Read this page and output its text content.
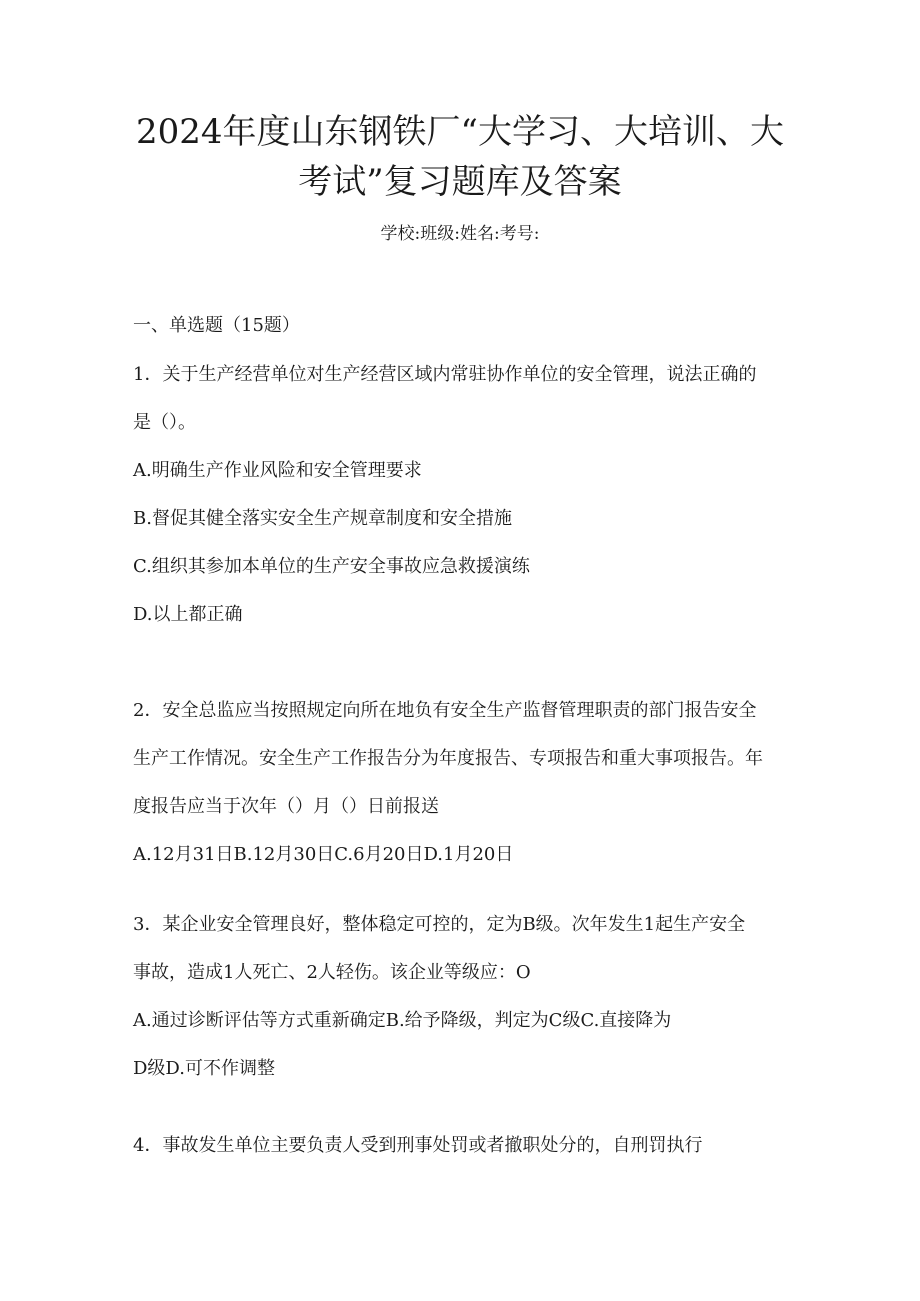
2024年度山东钢铁厂“大学习、大培训、大
考试”复习题库及答案
学校:班级:姓名:考号:
一、单选题（15题）
1．关于生产经营单位对生产经营区域内常驻协作单位的安全管理，说法正确的
是（）。
A.明确生产作业风险和安全管理要求
B.督促其健全落实安全生产规章制度和安全措施
C.组织其参加本单位的生产安全事故应急救援演练
D.以上都正确
2．安全总监应当按照规定向所在地负有安全生产监督管理职责的部门报告安全
生产工作情况。安全生产工作报告分为年度报告、专项报告和重大事项报告。年
度报告应当于次年（）月（）日前报送
A.12月31日B.12月30日C.6月20日D.1月20日
3．某企业安全管理良好，整体稳定可控的，定为B级。次年发生1起生产安全
事故，造成1人死亡、2人轻伤。该企业等级应：O
A.通过诊断评估等方式重新确定B.给予降级，判定为C级C.直接降为
D级D.可不作调整
4．事故发生单位主要负责人受到刑事处罚或者撤职处分的，自刑罚执行
